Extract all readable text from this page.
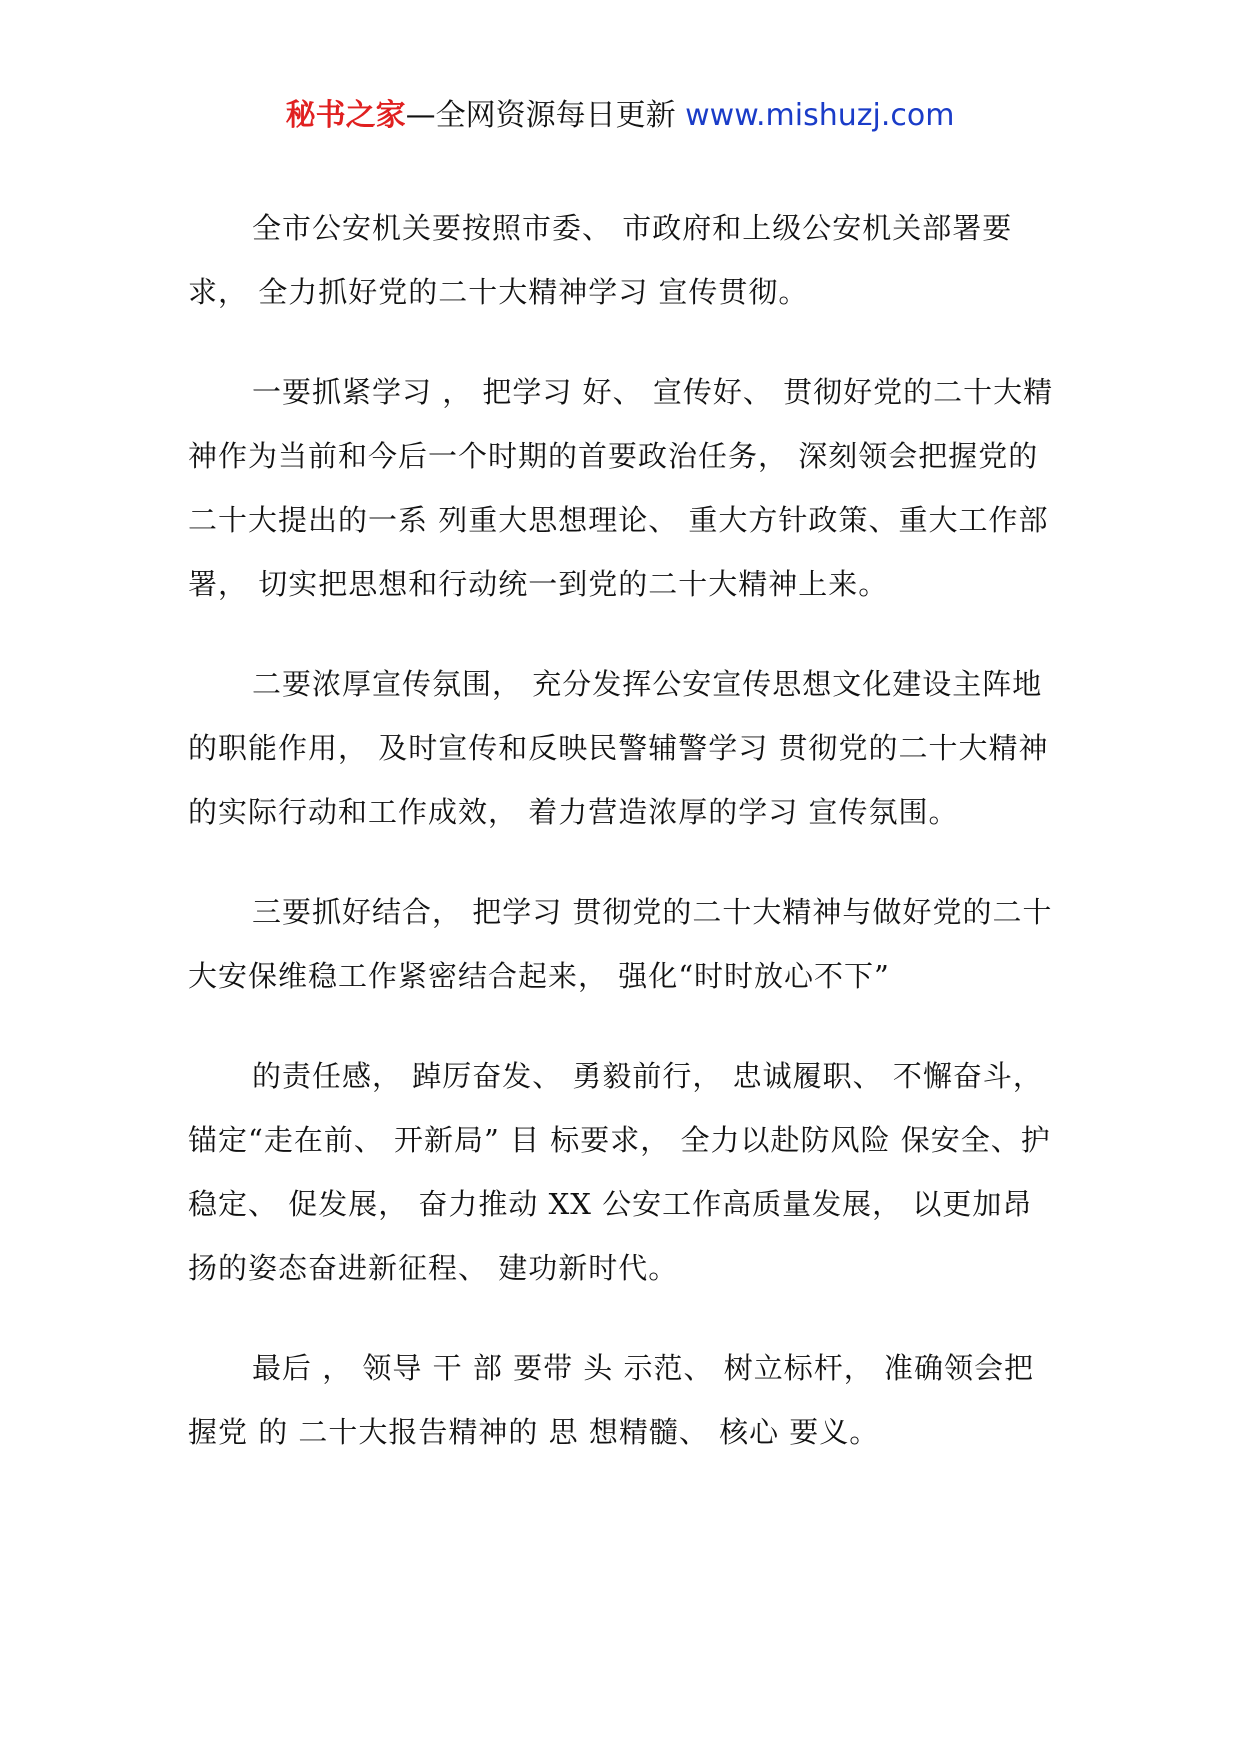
秘书之家—全网资源每日更新 www.mishuzj.com

全市公安机关要按照市委、 市政府和上级公安机关部署要求， 全力抓好党的二十大精神学习 宣传贯彻。

一要抓紧学习 ， 把学习 好、 宣传好、 贯彻好党的二十大精神作为当前和今后一个时期的首要政治任务， 深刻领会把握党的二十大提出的一系 列重大思想理论、 重大方针政策、重大工作部署， 切实把思想和行动统一到党的二十大精神上来。

二要浓厚宣传氛围， 充分发挥公安宣传思想文化建设主阵地的职能作用， 及时宣传和反映民警辅警学习 贯彻党的二十大精神的实际行动和工作成效， 着力营造浓厚的学习 宣传氛围。

三要抓好结合， 把学习 贯彻党的二十大精神与做好党的二十大安保维稳工作紧密结合起来， 强化“时时放心不下”

的责任感， 踔厉奋发、 勇毅前行， 忠诚履职、 不懈奋斗， 锚定“走在前、 开新局” 目 标要求， 全力以赴防风险 保安全、护稳定、 促发展， 奋力推动 XX 公安工作高质量发展， 以更加昂扬的姿态奋进新征程、 建功新时代。

最后 ， 领导 干 部 要带 头 示范、 树立标杆， 准确领会把握党 的 二十大报告精神的 思 想精髓、 核心 要义。
